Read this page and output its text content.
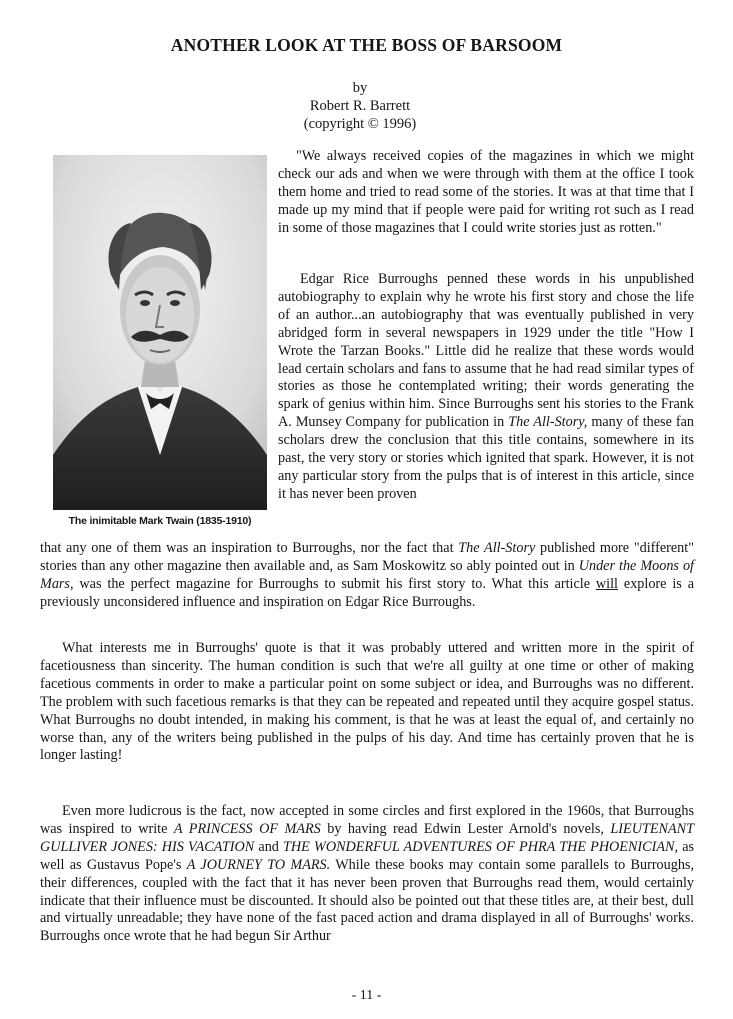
ANOTHER LOOK AT THE BOSS OF BARSOOM
by
Robert R. Barrett
(copyright © 1996)
The inimitable Mark Twain (1835-1910)
"We always received copies of the magazines in which we might check our ads and when we were through with them at the office I took them home and tried to read some of the stories. It was at that time that I made up my mind that if people were paid for writing rot such as I read in some of those magazines that I could write stories just as rotten."
Edgar Rice Burroughs penned these words in his unpublished autobiography to explain why he wrote his first story and chose the life of an author...an autobiography that was eventually published in very abridged form in several newspapers in 1929 under the title "How I Wrote the Tarzan Books." Little did he realize that these words would lead certain scholars and fans to assume that he had read similar types of stories as those he contemplated writing; their words generating the spark of genius within him. Since Burroughs sent his stories to the Frank A. Munsey Company for publication in The All-Story, many of these fan scholars drew the conclusion that this title contains, somewhere in its past, the very story or stories which ignited that spark. However, it is not any particular story from the pulps that is of interest in this article, since it has never been proven
that any one of them was an inspiration to Burroughs, nor the fact that The All-Story published more "different" stories than any other magazine then available and, as Sam Moskowitz so ably pointed out in Under the Moons of Mars, was the perfect magazine for Burroughs to submit his first story to. What this article will explore is a previously unconsidered influence and inspiration on Edgar Rice Burroughs.
What interests me in Burroughs' quote is that it was probably uttered and written more in the spirit of facetiousness than sincerity. The human condition is such that we're all guilty at one time or other of making facetious comments in order to make a particular point on some subject or idea, and Burroughs was no different. The problem with such facetious remarks is that they can be repeated and repeated until they acquire gospel status. What Burroughs no doubt intended, in making his comment, is that he was at least the equal of, and certainly no worse than, any of the writers being published in the pulps of his day. And time has certainly proven that he is longer lasting!
Even more ludicrous is the fact, now accepted in some circles and first explored in the 1960s, that Burroughs was inspired to write A PRINCESS OF MARS by having read Edwin Lester Arnold's novels, LIEUTENANT GULLIVER JONES: HIS VACATION and THE WONDERFUL ADVENTURES OF PHRA THE PHOENICIAN, as well as Gustavus Pope's A JOURNEY TO MARS. While these books may contain some parallels to Burroughs, their differences, coupled with the fact that it has never been proven that Burroughs read them, would certainly indicate that their influence must be discounted. It should also be pointed out that these titles are, at their best, dull and virtually unreadable; they have none of the fast paced action and drama displayed in all of Burroughs' works. Burroughs once wrote that he had begun Sir Arthur
- 11 -
